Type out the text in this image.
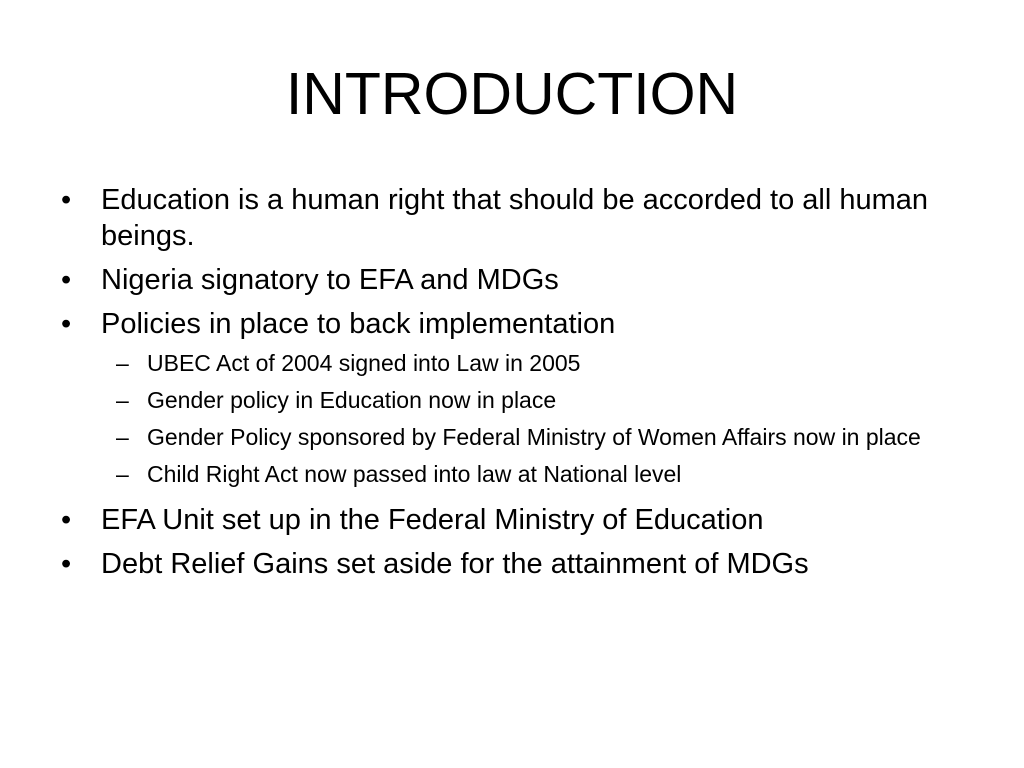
INTRODUCTION
• Education is a human right that should be accorded to all human beings.
• Nigeria signatory to EFA and MDGs
• Policies in place to back implementation
– UBEC Act of 2004 signed into Law in 2005
– Gender policy in Education now in place
– Gender Policy sponsored by Federal Ministry of Women Affairs now in place
– Child Right Act now passed into law at National level
• EFA Unit set up in the Federal Ministry of Education
• Debt Relief Gains set aside for the attainment of MDGs
